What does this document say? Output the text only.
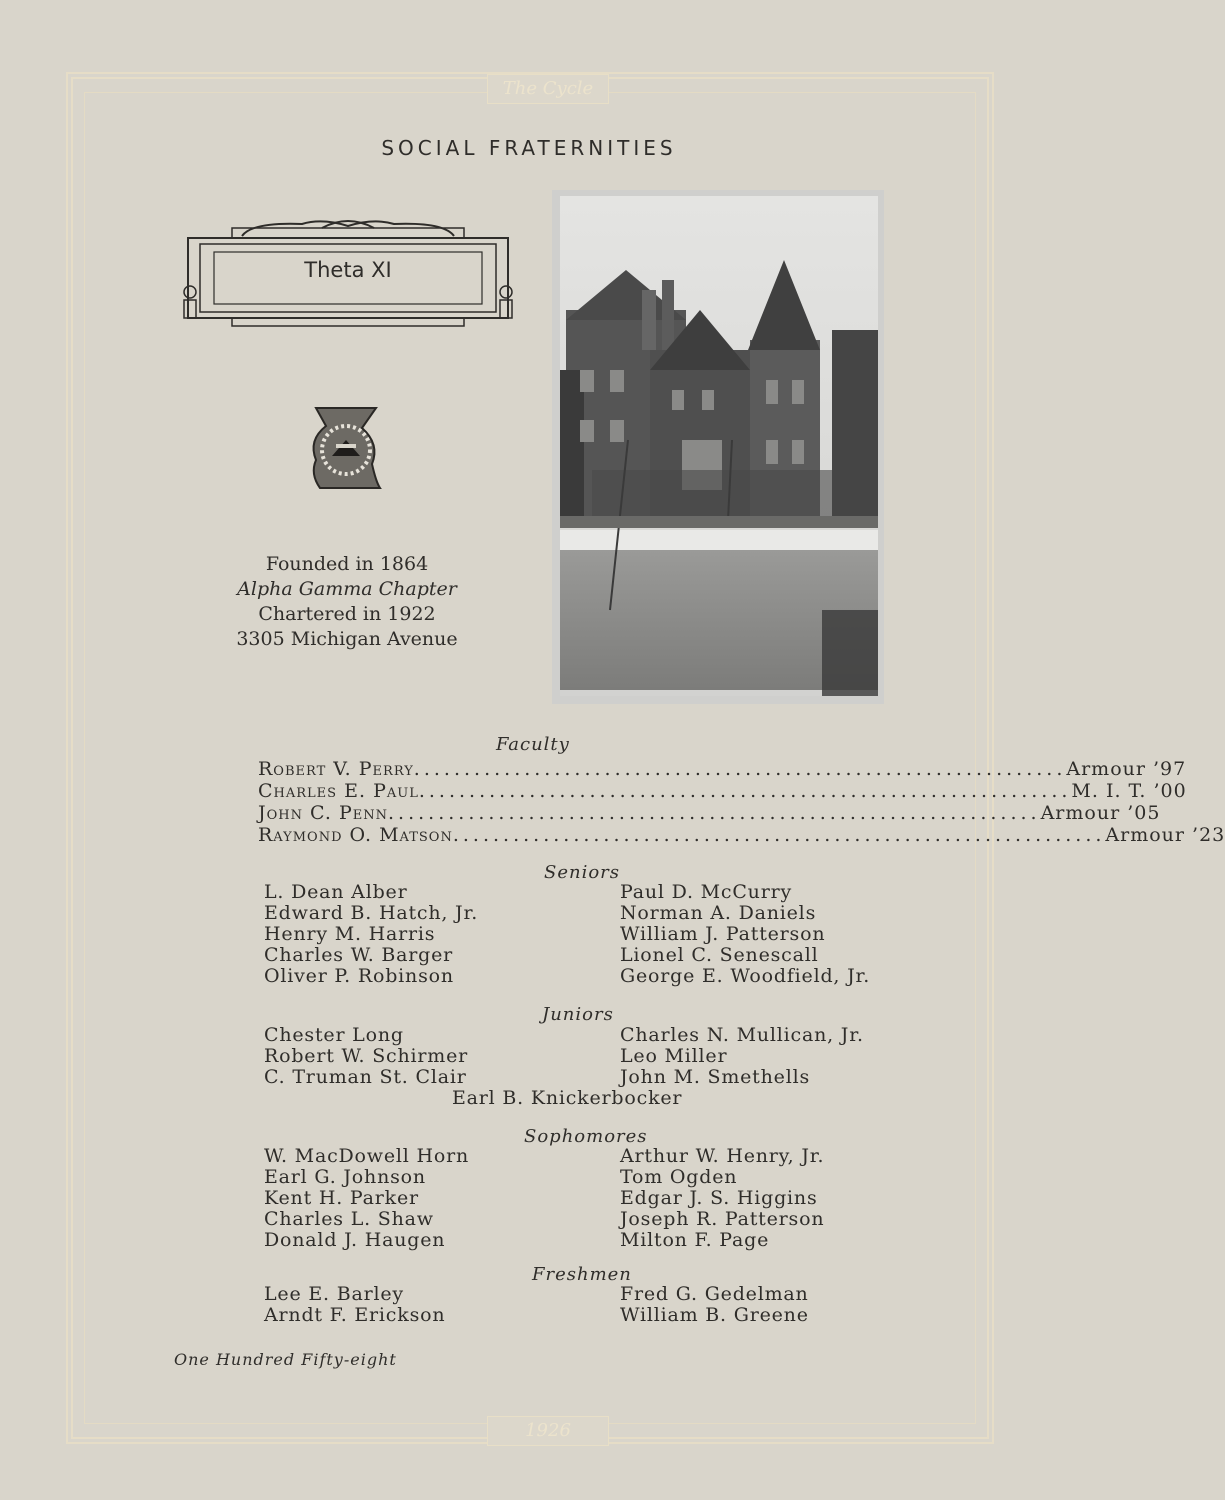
The Cycle
1926
SOCIAL FRATERNITIES
Theta XI
Founded in 1864
Alpha Gamma Chapter
Chartered in 1922
3305 Michigan Avenue
Faculty
Robert V. Perry ................................................................. Armour ’97
Charles E. Paul ................................................................. M. I. T. ’00
John C. Penn ................................................................. Armour ’05
Raymond O. Matson ................................................................. Armour ’23
Seniors
L. Dean Alber
Edward B. Hatch, Jr.
Henry M. Harris
Charles W. Barger
Oliver P. Robinson
Paul D. McCurry
Norman A. Daniels
William J. Patterson
Lionel C. Senescall
George E. Woodfield, Jr.
Juniors
Chester Long
Robert W. Schirmer
C. Truman St. Clair
Charles N. Mullican, Jr.
Leo Miller
John M. Smethells
Earl B. Knickerbocker
Sophomores
W. MacDowell Horn
Earl G. Johnson
Kent H. Parker
Charles L. Shaw
Donald J. Haugen
Arthur W. Henry, Jr.
Tom Ogden
Edgar J. S. Higgins
Joseph R. Patterson
Milton F. Page
Freshmen
Lee E. Barley
Arndt F. Erickson
Fred G. Gedelman
William B. Greene
One Hundred Fifty-eight
